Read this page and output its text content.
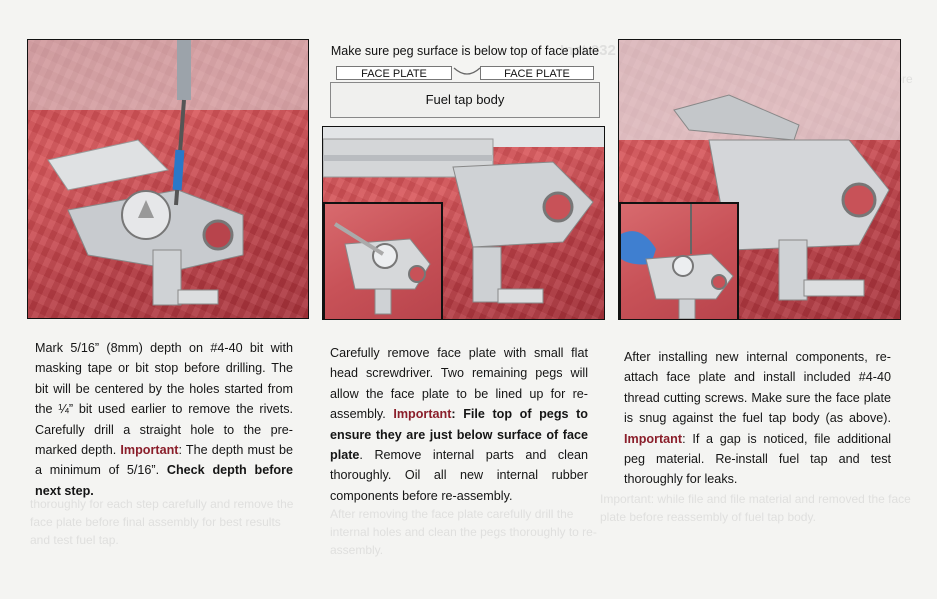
Inst 032
Important: while file and file material and removed the face plate before reassembly of fuel tap body.
thoroughly for each step carefully and remove the face plate before final assembly for best results and test fuel tap.
After removing the face plate carefully drill the internal holes and clean the pegs thoroughly to re-assembly.
Make sure peg surface is below top of face plate
FACE PLATE	FACE PLATE
Fuel tap body
Mark 5/16” (8mm) depth on #4-40 bit with masking tape or bit stop before drilling. The bit will be centered by the holes started from the ¼” bit used earlier to remove the rivets. Carefully drill a straight hole to the pre-marked depth. Important: The depth must be a minimum of 5/16”. Check depth before next step.
Carefully remove face plate with small flat head screwdriver. Two remaining pegs will allow the face plate to be lined up for re-assembly. Important: File top of pegs to ensure they are just below surface of face plate. Remove internal parts and clean thoroughly. Oil all new internal rubber components before re-assembly.
After installing new internal components, re-attach face plate and install included #4-40 thread cutting screws. Make sure the face plate is snug against the fuel tap body (as above). Important: If a gap is noticed, file additional peg material. Re-install fuel tap and test thoroughly for leaks.
